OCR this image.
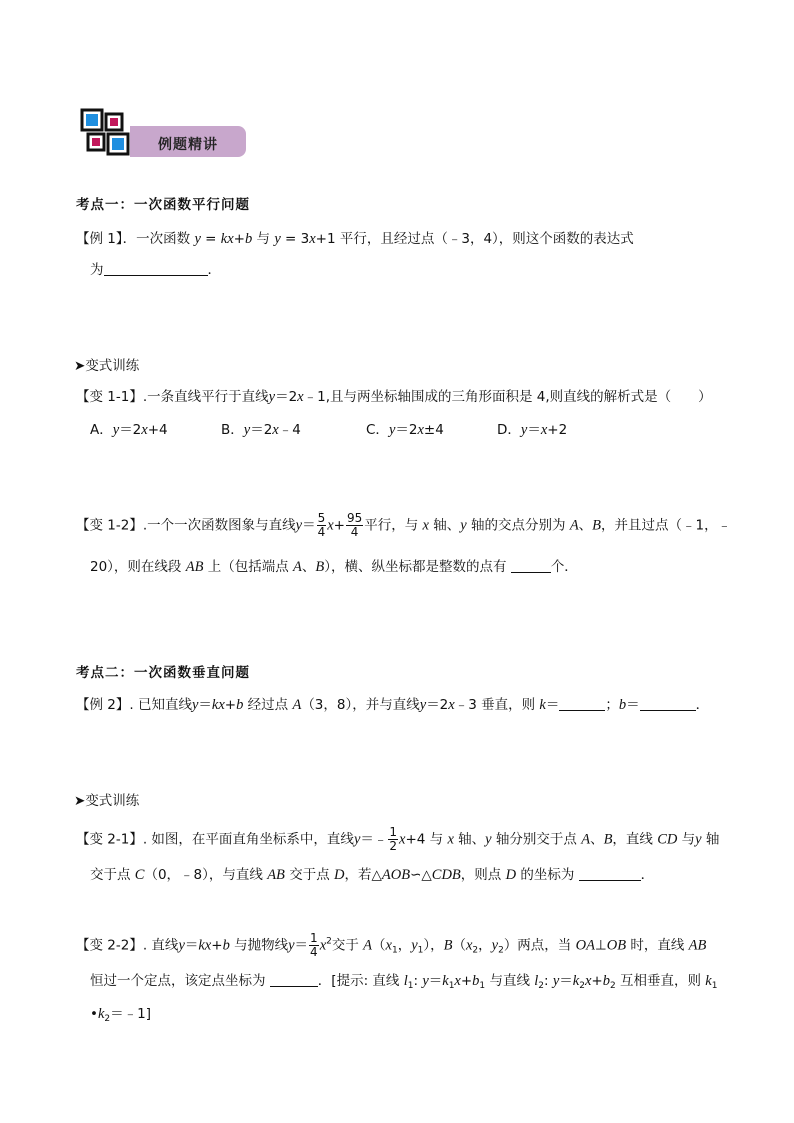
例题精讲
考点一：一次函数平行问题
【例 1】．一次函数 y = kx+b 与 y = 3x+1 平行，且经过点（﹣3，4），则这个函数的表达式
为	．
➤变式训练
【变 1-1】.一条直线平行于直线y＝2x﹣1,且与两坐标轴围成的三角形面积是 4,则直线的解析式是（　　）
A．y＝2x+4	B．y＝2x﹣4	C．y＝2x±4	D．y＝x+2
【变 1-2】.一个一次函数图象与直线$y= \frac{5}{4} x+ \frac{95}{4}$ 平行，与 x 轴、y 轴的交点分别为 A、B，并且过点（﹣1，﹣
20），则在线段 AB 上（包括端点 A、B），横、纵坐标都是整数的点有	个．
考点二：一次函数垂直问题
【例 2】. 已知直线y＝kx+b 经过点 A（3，8），并与直线y＝2x﹣3 垂直，则 k＝	；b＝	．
➤变式训练
【变 2-1】. 如图，在平面直角坐标系中，直线y＝﹣ $\frac{1}{2} x+4$ 与 x 轴、y 轴分别交于点 A、B，直线 CD 与y 轴
交于点 C（0，﹣8），与直线 AB 交于点 D，若△AOB∽△CDB，则点 D 的坐标为	．
【变 2-2】. 直线y＝kx+b 与抛物线$y= \frac{1}{4} x^2$交于 $A(x_1$，$y_1$），$B(x_2$，$y_2$）两点，当 OA⊥OB 时，直线 AB
恒过一个定点，该定点坐标为	．[提示: 直线 $l_1$: $y=k_1x+b_1$ 与直线 $l_2$: $y=k_2x+b_2$ 互相垂直，则 $k_1$
$•k_2=﹣1$]
